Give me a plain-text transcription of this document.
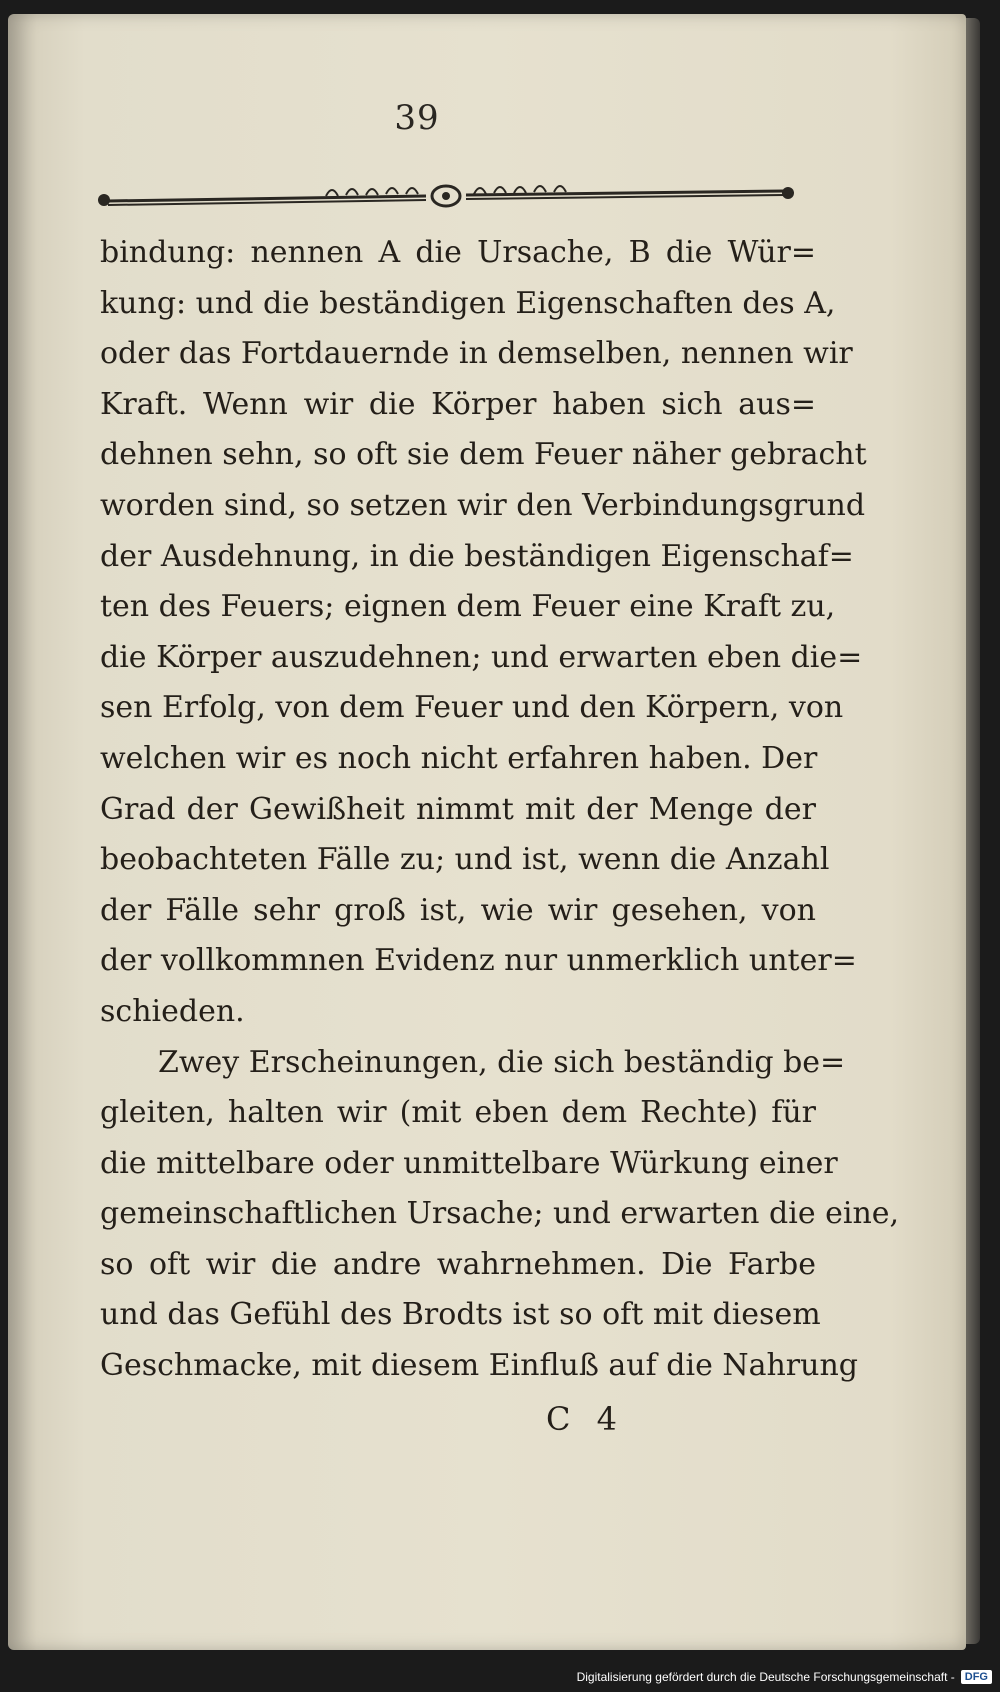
39
bindung: nennen A die Ursache, B die Wür=
kung: und die beständigen Eigenschaften des A,
oder das Fortdauernde in demselben, nennen wir
Kraft. Wenn wir die Körper haben sich aus=
dehnen sehn, so oft sie dem Feuer näher gebracht
worden sind, so setzen wir den Verbindungsgrund
der Ausdehnung, in die beständigen Eigenschaf=
ten des Feuers; eignen dem Feuer eine Kraft zu,
die Körper auszudehnen; und erwarten eben die=
sen Erfolg, von dem Feuer und den Körpern, von
welchen wir es noch nicht erfahren haben. Der
Grad der Gewißheit nimmt mit der Menge der
beobachteten Fälle zu; und ist, wenn die Anzahl
der Fälle sehr groß ist, wie wir gesehen, von
der vollkommnen Evidenz nur unmerklich unter=
schieden.
Zwey Erscheinungen, die sich beständig be=
gleiten, halten wir (mit eben dem Rechte) für
die mittelbare oder unmittelbare Würkung einer
gemeinschaftlichen Ursache; und erwarten die eine,
so oft wir die andre wahrnehmen. Die Farbe
und das Gefühl des Brodts ist so oft mit diesem
Geschmacke, mit diesem Einfluß auf die Nahrung
C 4
Digitalisierung gefördert durch die Deutsche Forschungsgemeinschaft - DFG
